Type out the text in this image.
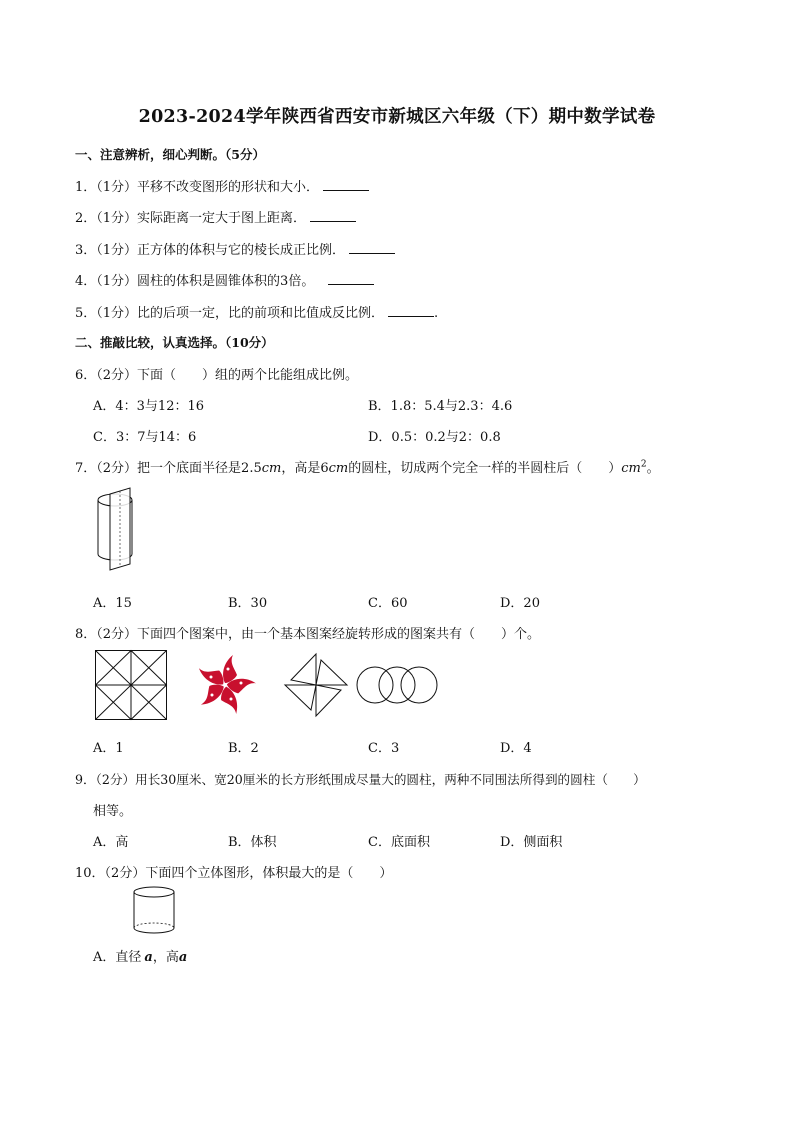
2023-2024学年陕西省西安市新城区六年级（下）期中数学试卷
一、注意辨析，细心判断。（5分）
1．（1分）平移不改变图形的形状和大小．
2．（1分）实际距离一定大于图上距离．
3．（1分）正方体的体积与它的棱长成正比例．
4．（1分）圆柱的体积是圆锥体积的3倍。
5．（1分）比的后项一定，比的前项和比值成反比例．	.
二、推敲比较，认真选择。（10分）
6．（2分）下面（　　）组的两个比能组成比例。
A．4：3与12：16	B．1.8：5.4与2.3：4.6
C．3：7与14：6	D．0.5：0.2与2：0.8
7．（2分）把一个底面半径是2.5cm，高是6cm的圆柱，切成两个完全一样的半圆柱后（　　）$cm^2$。
A．15	B．30	C．60	D．20
8．（2分）下面四个图案中，由一个基本图案经旋转形成的图案共有（　　）个。
A．1	B．2	C．3	D．4
9．（2分）用长30厘米、宽20厘米的长方形纸围成尽量大的圆柱，两种不同围法所得到的圆柱（　　）
相等。
A．高	B．体积	C．底面积	D．侧面积
10．（2分）下面四个立体图形，体积最大的是（　　）
A．直径 a，高a
